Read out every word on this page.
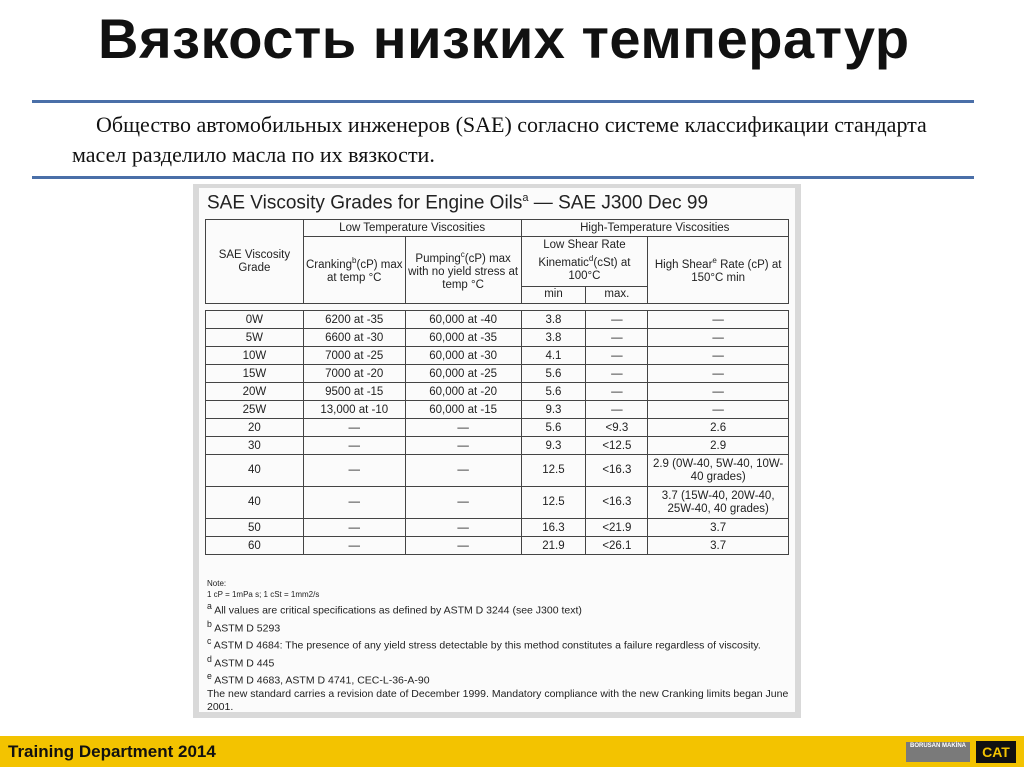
Вязкость низких температур
Общество автомобильных инженеров (SAE) согласно системе классификации стандарта масел разделило масла по их вязкости.
SAE Viscosity Grades for Engine Oils$^a$ — SAE J300 Dec 99
SAE Viscosity Grade	Low Temperature Viscosities		High-Temperature Viscosities		
	Cranking$^b$(cP) max at temp °C	Pumping$^c$(cP) max with no yield stress at temp °C	Low Shear Rate Kinematic$^d$(cSt) at 100°C		High Shear$^e$ Rate (cP) at 150°C min
			min	max.	

0W	6200 at -35	60,000 at -40	3.8	—	—
5W	6600 at -30	60,000 at -35	3.8	—	—
10W	7000 at -25	60,000 at -30	4.1	—	—
15W	7000 at -20	60,000 at -25	5.6	—	—
20W	9500 at -15	60,000 at -20	5.6	—	—
25W	13,000 at -10	60,000 at -15	9.3	—	—
20	—	—	5.6	<9.3	2.6
30	—	—	9.3	<12.5	2.9
40	—	—	12.5	<16.3	2.9 (0W-40, 5W-40, 10W-40 grades)
40	—	—	12.5	<16.3	3.7 (15W-40, 20W-40, 25W-40, 40 grades)
50	—	—	16.3	<21.9	3.7
60	—	—	21.9	<26.1	3.7
Note:
1 cP = 1mPa s; 1 cSt = 1mm2/s
$^a$ All values are critical specifications as defined by ASTM D 3244 (see J300 text)
$^b$ ASTM D 5293
$^c$ ASTM D 4684: The presence of any yield stress detectable by this method constitutes a failure regardless of viscosity.
$^d$ ASTM D 445
$^e$ ASTM D 4683, ASTM D 4741, CEC-L-36-A-90
The new standard carries a revision date of December 1999. Mandatory compliance with the new Cranking limits began June 2001.
Training Department 2014	BORUSAN MAKİNA	CAT
